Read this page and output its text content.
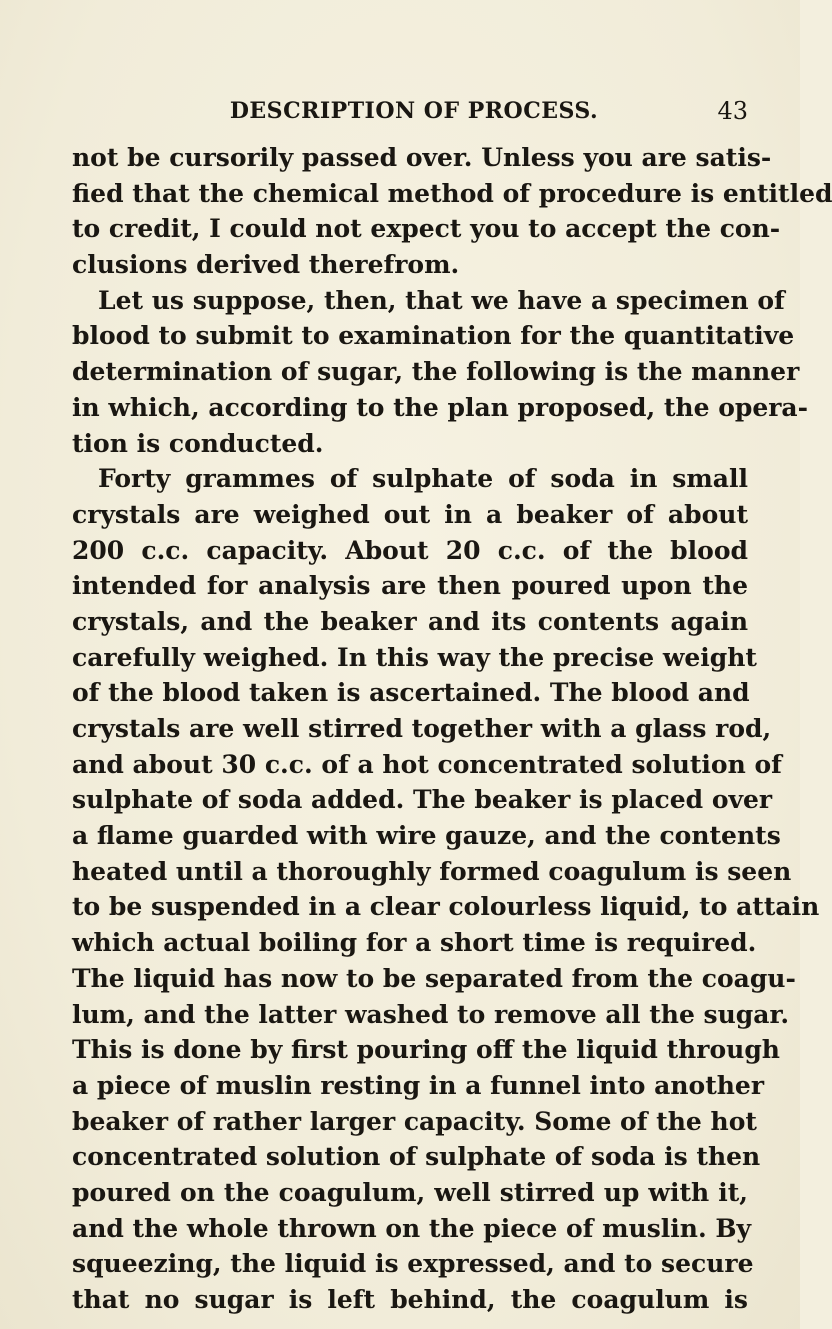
DESCRIPTION OF PROCESS.	43
not be cursorily passed over. Unless you are satis-
fied that the chemical method of procedure is entitled
to credit, I could not expect you to accept the con-
clusions derived therefrom.
Let us suppose, then, that we have a specimen of
blood to submit to examination for the quantitative
determination of sugar, the following is the manner
in which, according to the plan proposed, the opera-
tion is conducted.
Forty grammes of sulphate of soda in small
crystals are weighed out in a beaker of about
200 c.c. capacity. About 20 c.c. of the blood
intended for analysis are then poured upon the
crystals, and the beaker and its contents again
carefully weighed. In this way the precise weight
of the blood taken is ascertained. The blood and
crystals are well stirred together with a glass rod,
and about 30 c.c. of a hot concentrated solution of
sulphate of soda added. The beaker is placed over
a flame guarded with wire gauze, and the contents
heated until a thoroughly formed coagulum is seen
to be suspended in a clear colourless liquid, to attain
which actual boiling for a short time is required.
The liquid has now to be separated from the coagu-
lum, and the latter washed to remove all the sugar.
This is done by first pouring off the liquid through
a piece of muslin resting in a funnel into another
beaker of rather larger capacity. Some of the hot
concentrated solution of sulphate of soda is then
poured on the coagulum, well stirred up with it,
and the whole thrown on the piece of muslin. By
squeezing, the liquid is expressed, and to secure
that no sugar is left behind, the coagulum is
